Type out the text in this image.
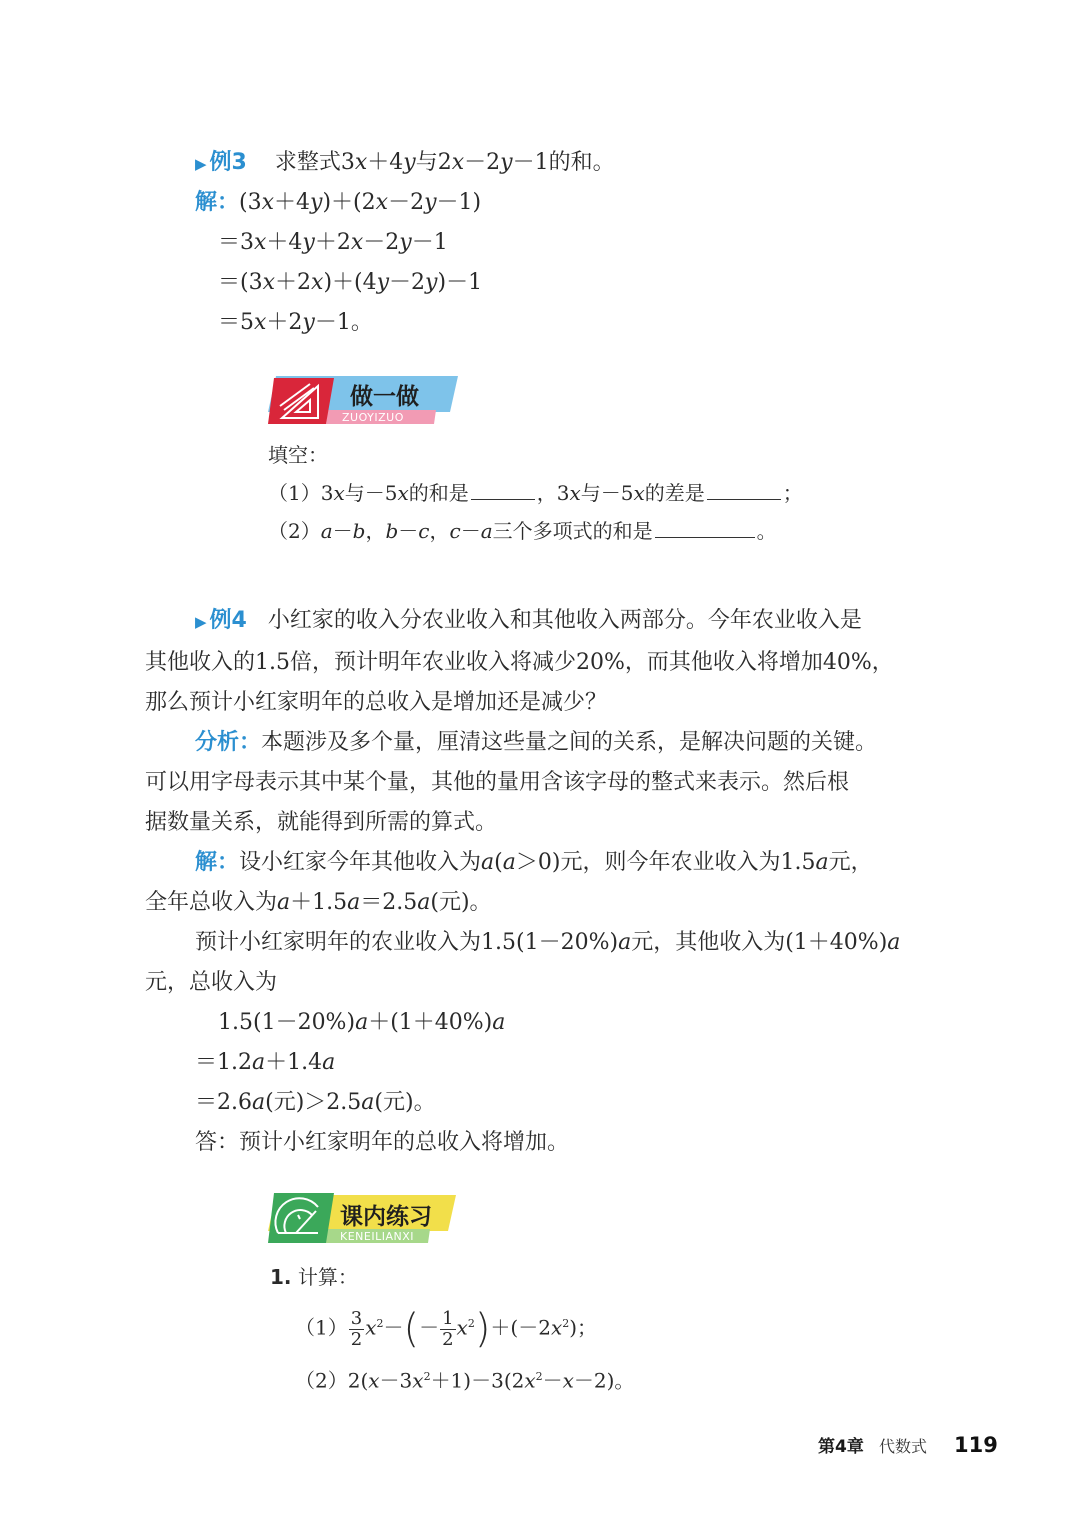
▶ 例3 求整式3x＋4y与2x－2y－1的和。
解：(3x＋4y)＋(2x－2y－1)
＝3x＋4y＋2x－2y－1
＝(3x＋2x)＋(4y－2y)－1
＝5x＋2y－1。
做一做
ZUOYIZUO
填空：
（1）3x与－5x的和是	，3x与－5x的差是	；
（2）a－b，b－c，c－a三个多项式的和是	。
▶ 例4 小红家的收入分农业收入和其他收入两部分。今年农业收入是
其他收入的1.5倍，预计明年农业收入将减少20%，而其他收入将增加40%，
那么预计小红家明年的总收入是增加还是减少？
分析：本题涉及多个量，厘清这些量之间的关系，是解决问题的关键。
可以用字母表示其中某个量，其他的量用含该字母的整式来表示。然后根
据数量关系，就能得到所需的算式。
解：设小红家今年其他收入为a(a＞0)元，则今年农业收入为1.5a元，
全年总收入为a＋1.5a＝2.5a(元)。
预计小红家明年的农业收入为1.5(1－20%)a元，其他收入为(1＋40%)a
元，总收入为
1.5(1－20%)a＋(1＋40%)a
＝1.2a＋1.4a
＝2.6a(元)＞2.5a(元)。
答：预计小红家明年的总收入将增加。
课内练习
KENEILIANXI
1. 计算：
$(1) \frac{3}{2} x^2-(- \frac{1}{2} x^2)+(-2x^2)$；
$(2)2(x-3x^2+1)-3(2x^2-x-2)$。
第4章 代数式 119
